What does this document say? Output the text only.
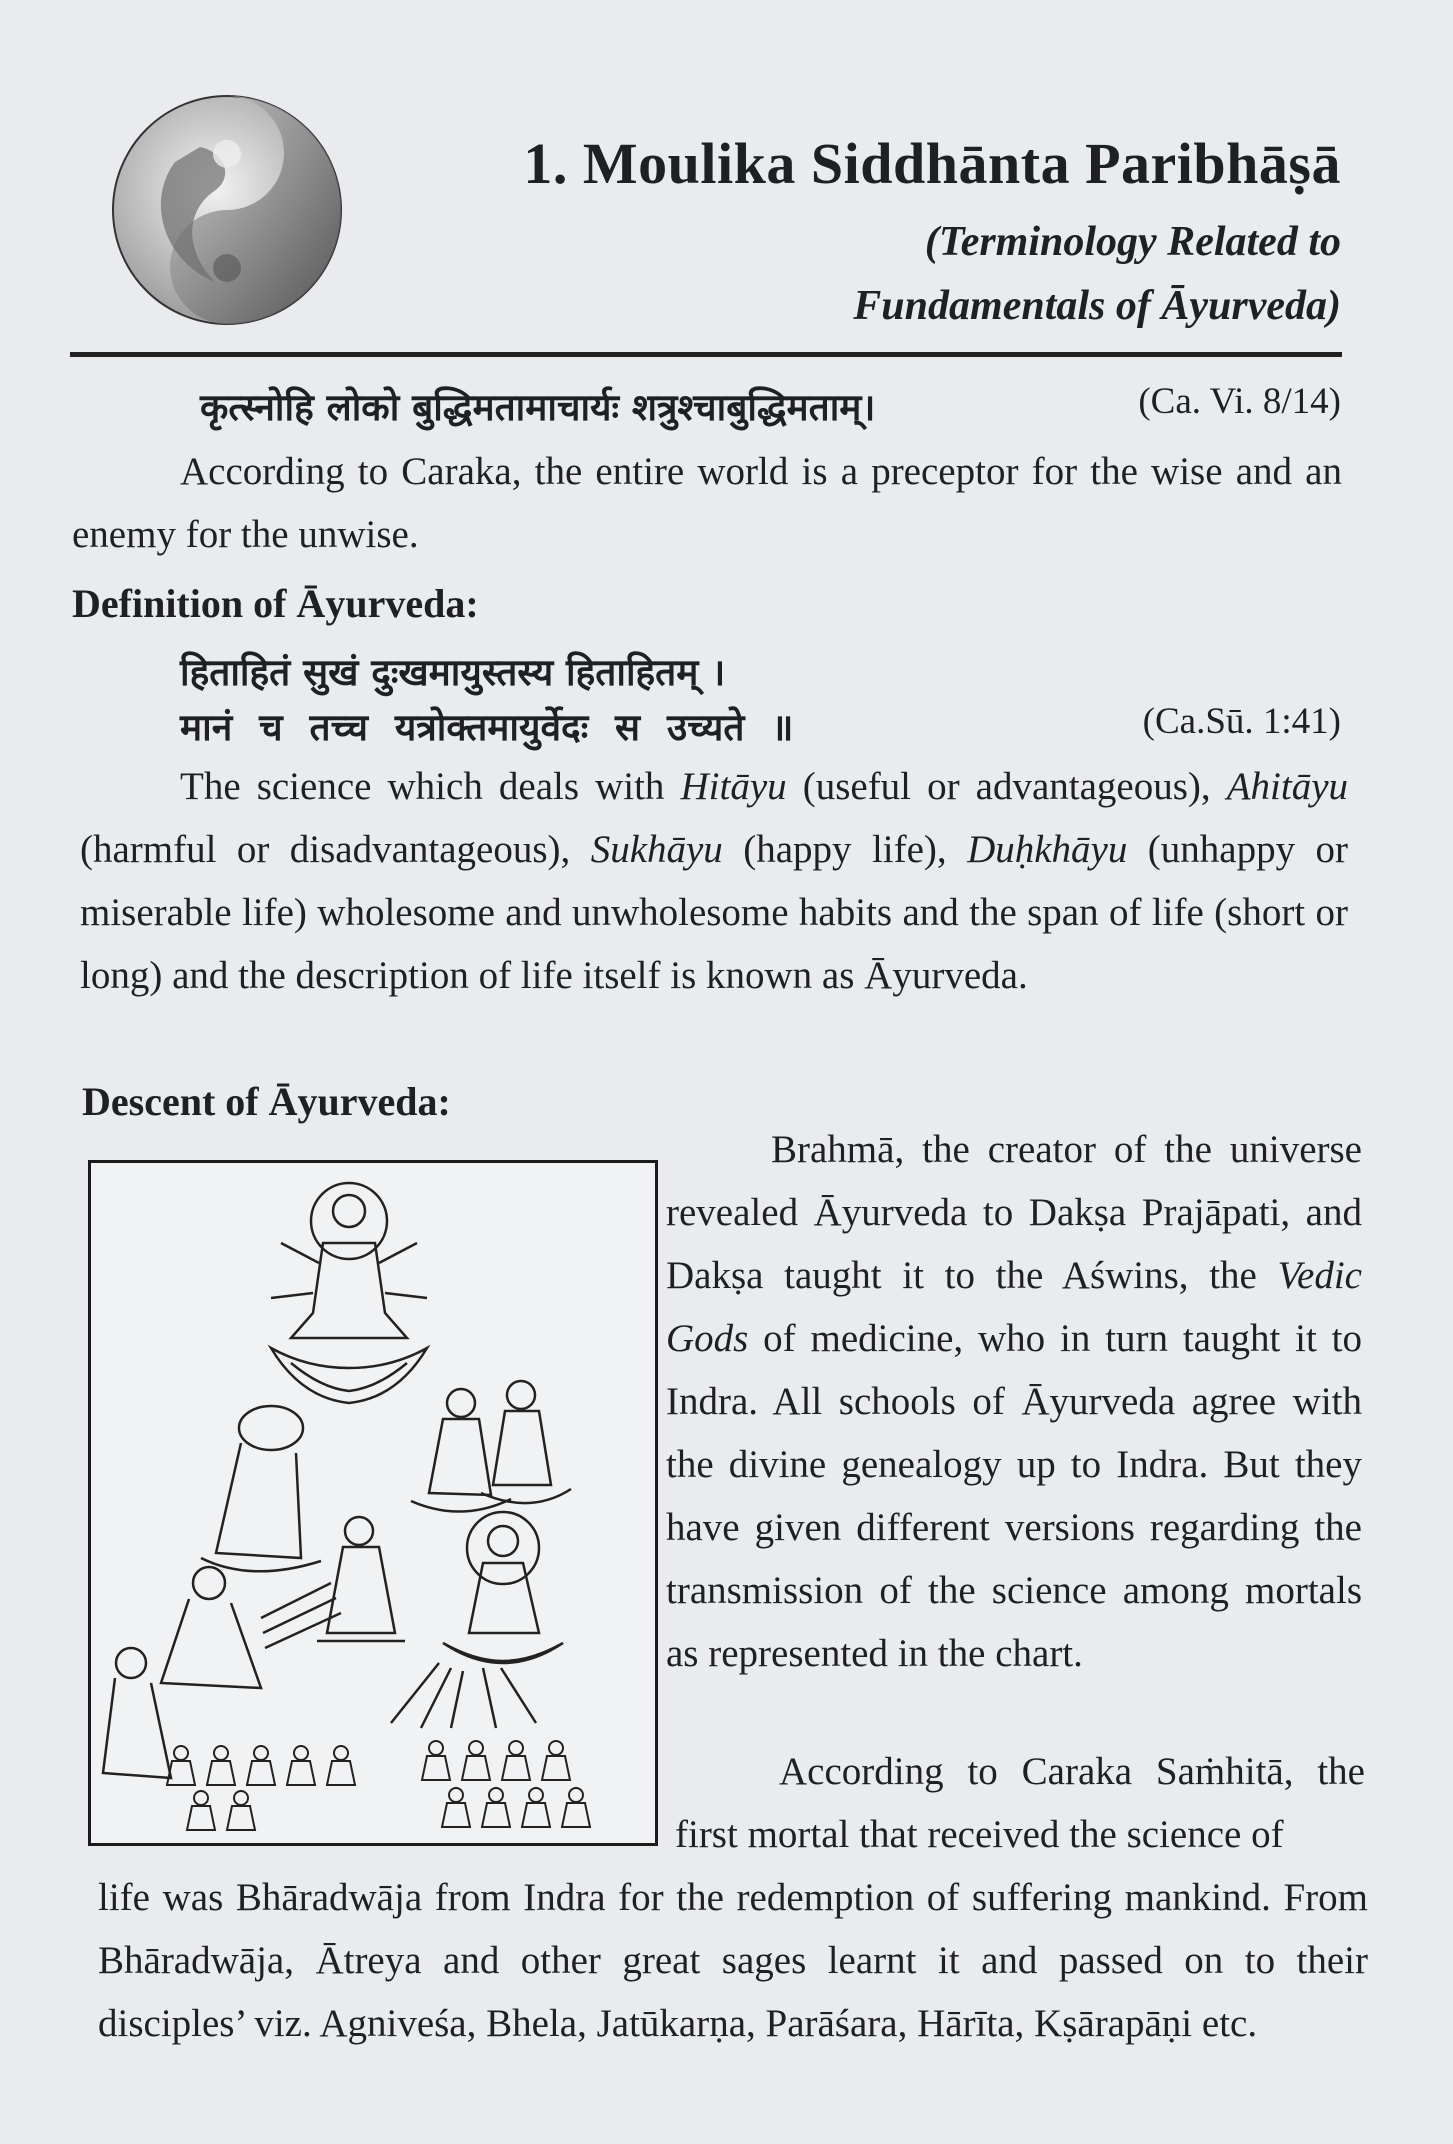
1. Moulika Siddhānta Paribhāṣā
(Terminology Related to
Fundamentals of Āyurveda)
कृत्स्नोहि लोको बुद्धिमतामाचार्यः शत्रुश्चाबुद्धिमताम्।	(Ca. Vi. 8/14)
According to Caraka, the entire world is a preceptor for the wise and an enemy for the unwise.
Definition of Āyurveda:
हिताहितं सुखं दुःखमायुस्तस्य हिताहितम् ।
मानं च तच्च यत्रोक्तमायुर्वेदः स उच्यते ॥	(Ca.Sū. 1:41)
The science which deals with Hitāyu (useful or advantageous), Ahitāyu (harmful or disadvantageous), Sukhāyu (happy life), Duḥkhāyu (unhappy or miserable life) wholesome and unwholesome habits and the span of life (short or long) and the description of life itself is known as Āyurveda.
Descent of Āyurveda:
Brahmā, the creator of the universe revealed Āyurveda to Dakṣa Prajāpati, and Dakṣa taught it to the Aświns, the Vedic Gods of medicine, who in turn taught it to Indra. All schools of Āyurveda agree with the divine genealogy up to Indra. But they have given different versions regarding the transmission of the science among mortals as represented in the chart.
According to Caraka Saṁhitā, the first mortal that received the science of
life was Bhāradwāja from Indra for the redemption of suffering mankind. From Bhāradwāja, Ātreya and other great sages learnt it and passed on to their disciples’ viz. Agniveśa, Bhela, Jatūkarṇa, Parāśara, Hārīta, Kṣārapāṇi etc.
